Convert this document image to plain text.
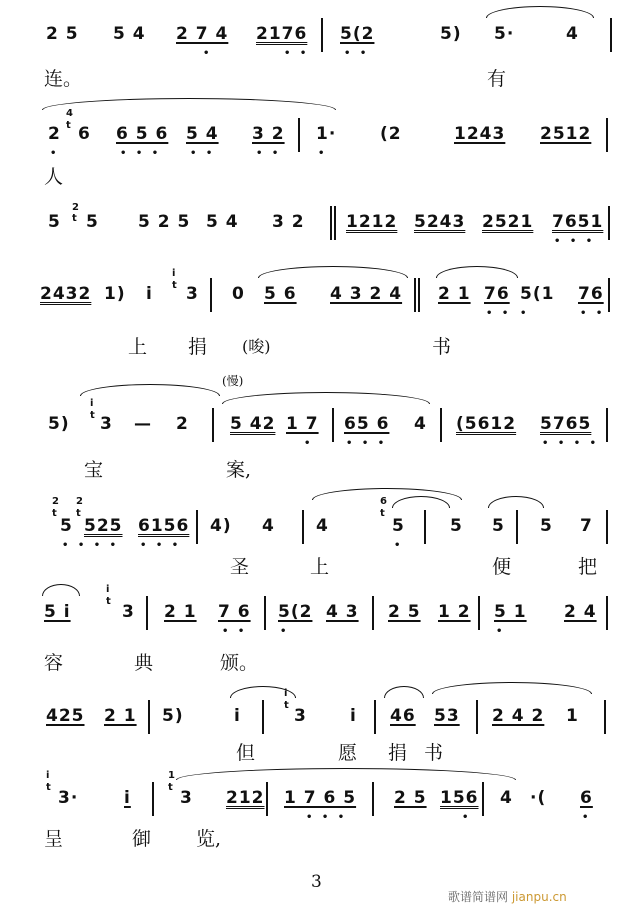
2 5 5 4 2 7 4
•
2176
• •
5(2
• •
5) 5·	4
连。	有
4
t
2 6
•
6 5 6
• • •
5 4
• •
3 2
• •
1·
•
(2	1243 2512
人
2
t
5 5 5 2 5 5 4 3 2 1212 5243 2521 7651
• • •
i
t
2432 1) i 3 0 5 6 4 3 2 4 2 1 76
• •
5(1
•
76
• •
上 捐 (唆)	书
(慢)
i
t
5) 3 — 2 5 42 1 7
•
65 6
• • •
4 (5612 5765
• • • •
宝	案,
2
t
2
t
6
t
5 525
• • • •
6156
• • •
4) 4 4	5
•
5 5 5 7
圣	上	便	把
i
t
5 i	3 2 1 7 6
• •
5(2
•
4 3 2 5 1 2 5 1
•
2 4
容	典	颁。
i
t
425 2 1 5)	i	3	i 46 53 2 4 2 1
但	愿 捐 书
i
t
1
t
3·	i	3 212 1 7 6 5
• • •
2 5 156
•
4 ·( 6
•
呈	御 览,
3
歌谱简谱网 jianpu.cn
